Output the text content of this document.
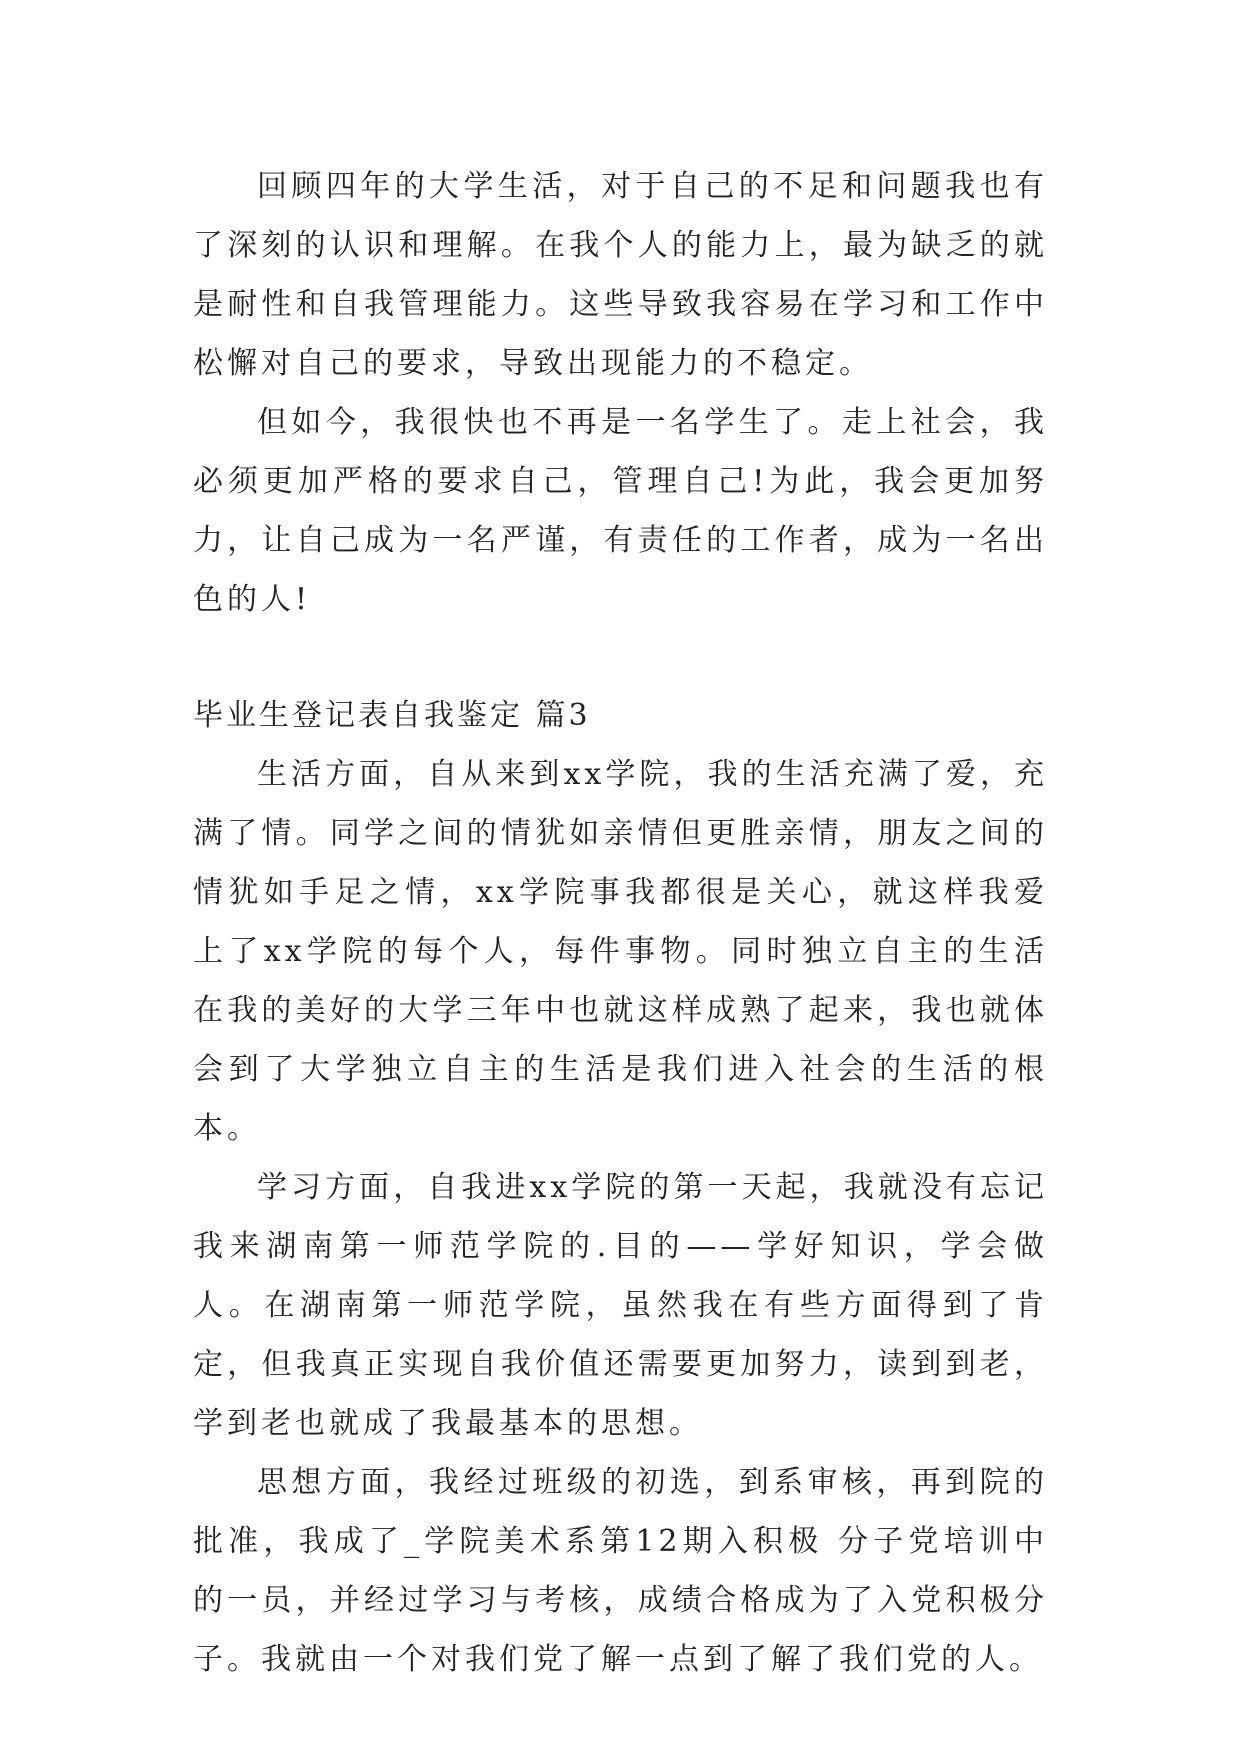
回顾四年的大学生活，对于自己的不足和问题我也有了深刻的认识和理解。在我个人的能力上，最为缺乏的就是耐性和自我管理能力。这些导致我容易在学习和工作中松懈对自己的要求，导致出现能力的不稳定。

但如今，我很快也不再是一名学生了。走上社会，我必须更加严格的要求自己，管理自己!为此，我会更加努力，让自己成为一名严谨，有责任的工作者，成为一名出色的人!

毕业生登记表自我鉴定 篇3

生活方面，自从来到xx学院，我的生活充满了爱，充满了情。同学之间的情犹如亲情但更胜亲情，朋友之间的情犹如手足之情，xx学院事我都很是关心，就这样我爱上了xx学院的每个人，每件事物。同时独立自主的生活在我的美好的大学三年中也就这样成熟了起来，我也就体会到了大学独立自主的生活是我们进入社会的生活的根本。

学习方面，自我进xx学院的第一天起，我就没有忘记我来湖南第一师范学院的.目的——学好知识，学会做人。在湖南第一师范学院，虽然我在有些方面得到了肯定，但我真正实现自我价值还需要更加努力，读到到老，学到老也就成了我最基本的思想。

思想方面，我经过班级的初选，到系审核，再到院的批准，我成了_学院美术系第12期入积极 分子党培训中的一员，并经过学习与考核，成绩合格成为了入党积极分子。我就由一个对我们党了解一点到了解了我们党的人。
